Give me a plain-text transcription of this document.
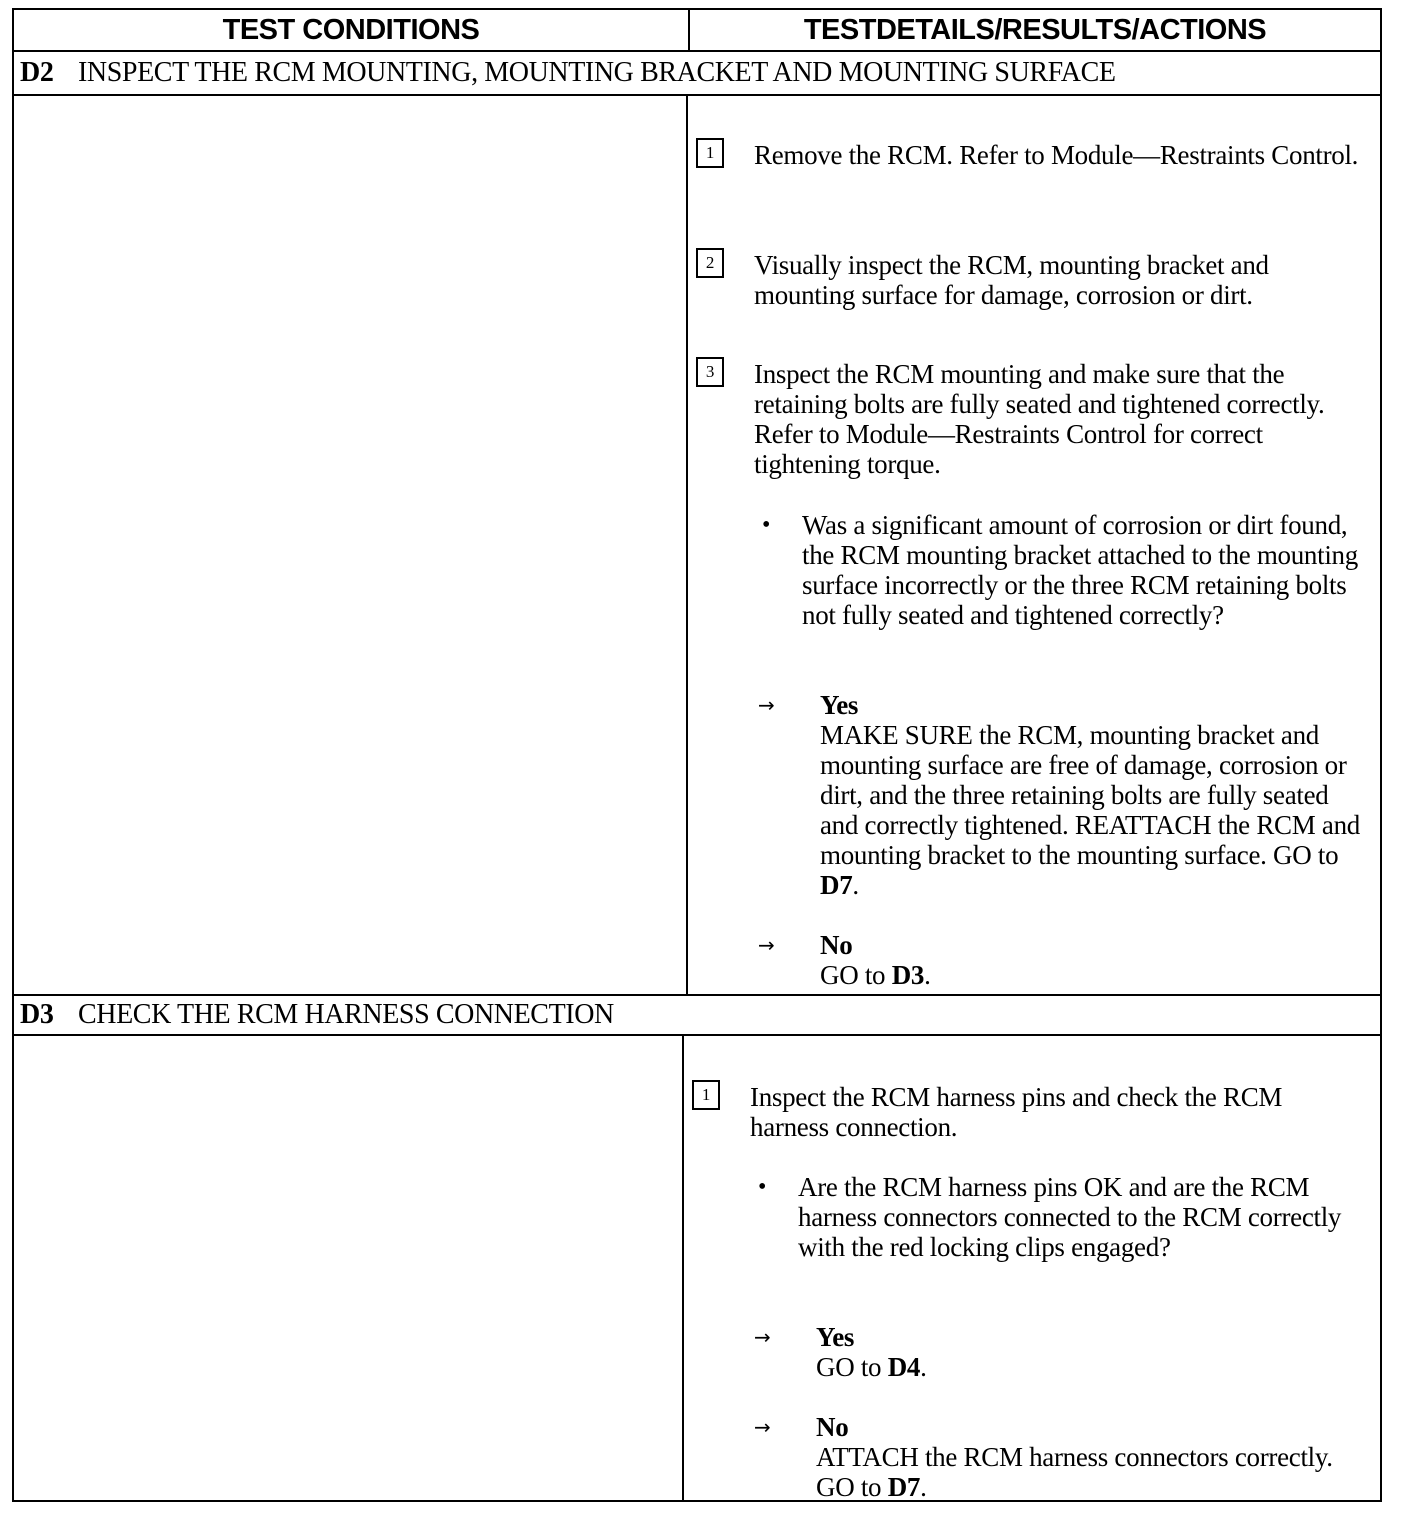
TEST CONDITIONS	TESTDETAILS/RESULTS/ACTIONS
D2 INSPECT THE RCM MOUNTING, MOUNTING BRACKET AND MOUNTING SURFACE
1	Remove the RCM. Refer to Module—Restraints Control.
2	Visually inspect the RCM, mounting bracket and mounting surface for damage, corrosion or dirt.
3	Inspect the RCM mounting and make sure that the retaining bolts are fully seated and tightened correctly. Refer to Module—Restraints Control for correct tightening torque.
• Was a significant amount of corrosion or dirt found, the RCM mounting bracket attached to the mounting surface incorrectly or the three RCM retaining bolts not fully seated and tightened correctly?
→ Yes
MAKE SURE the RCM, mounting bracket and mounting surface are free of damage, corrosion or dirt, and the three retaining bolts are fully seated and correctly tightened. REATTACH the RCM and mounting bracket to the mounting surface. GO to D7.
→ No
GO to D3.
D3 CHECK THE RCM HARNESS CONNECTION
1	Inspect the RCM harness pins and check the RCM harness connection.
• Are the RCM harness pins OK and are the RCM harness connectors connected to the RCM correctly with the red locking clips engaged?
→ Yes
GO to D4.
→ No
ATTACH the RCM harness connectors correctly. GO to D7.
